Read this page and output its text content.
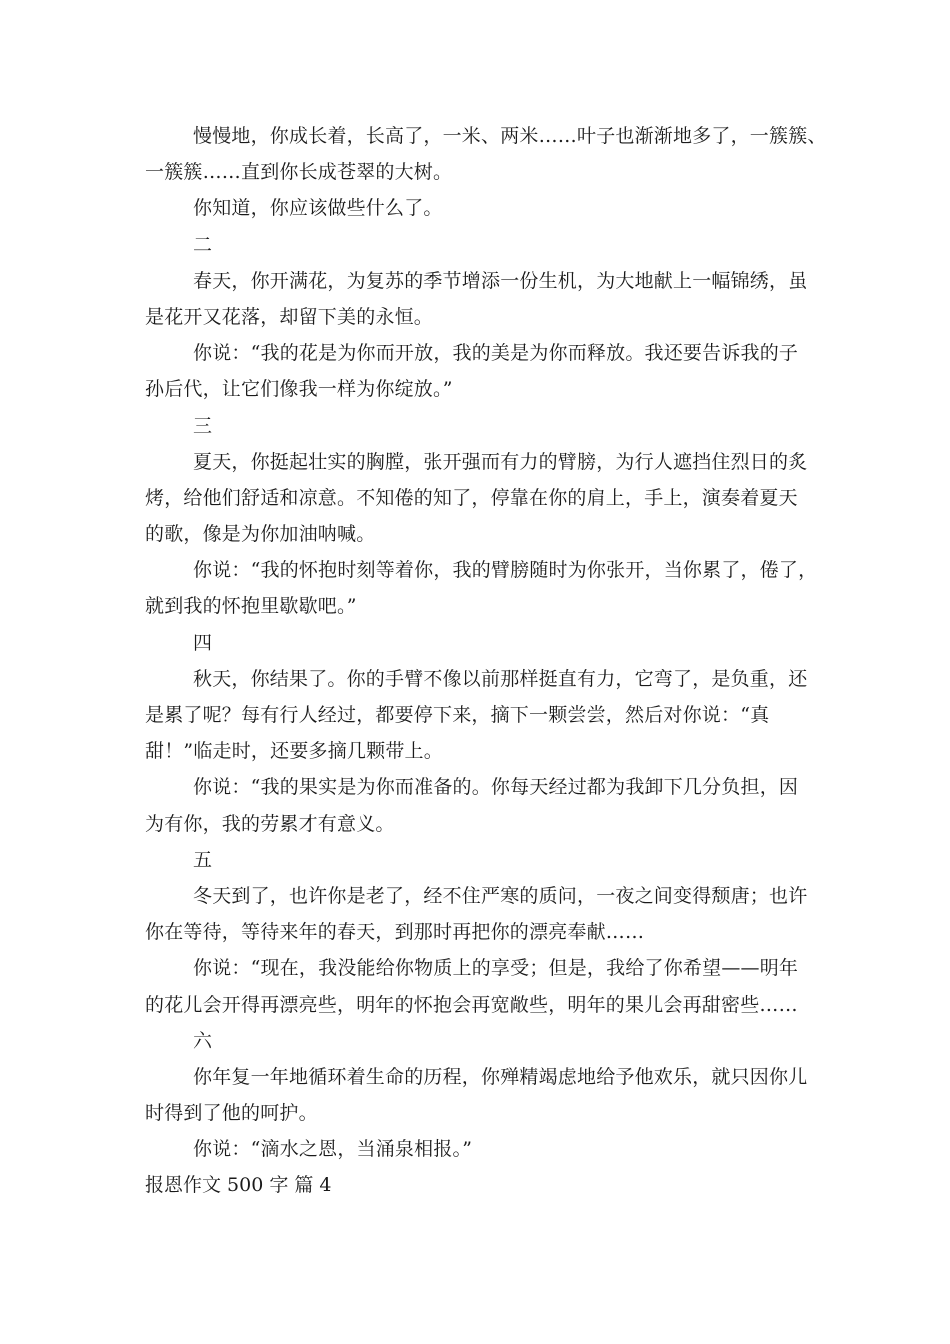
慢慢地，你成长着，长高了，一米、两米……叶子也渐渐地多了，一簇簇、
一簇簇……直到你长成苍翠的大树。
你知道，你应该做些什么了。
二
春天，你开满花，为复苏的季节增添一份生机，为大地献上一幅锦绣，虽
是花开又花落，却留下美的永恒。
你说：“我的花是为你而开放，我的美是为你而释放。我还要告诉我的子
孙后代，让它们像我一样为你绽放。”
三
夏天，你挺起壮实的胸膛，张开强而有力的臂膀，为行人遮挡住烈日的炙
烤，给他们舒适和凉意。不知倦的知了，停靠在你的肩上，手上，演奏着夏天
的歌，像是为你加油呐喊。
你说：“我的怀抱时刻等着你，我的臂膀随时为你张开，当你累了，倦了，
就到我的怀抱里歇歇吧。”
四
秋天，你结果了。你的手臂不像以前那样挺直有力，它弯了，是负重，还
是累了呢？每有行人经过，都要停下来，摘下一颗尝尝，然后对你说：“真
甜！”临走时，还要多摘几颗带上。
你说：“我的果实是为你而准备的。你每天经过都为我卸下几分负担，因
为有你，我的劳累才有意义。
五
冬天到了，也许你是老了，经不住严寒的质问，一夜之间变得颓唐；也许
你在等待，等待来年的春天，到那时再把你的漂亮奉献……
你说：“现在，我没能给你物质上的享受；但是，我给了你希望——明年
的花儿会开得再漂亮些，明年的怀抱会再宽敞些，明年的果儿会再甜密些……
六
你年复一年地循环着生命的历程，你殚精竭虑地给予他欢乐，就只因你儿
时得到了他的呵护。
你说：“滴水之恩，当涌泉相报。”
报恩作文 500 字 篇 4
